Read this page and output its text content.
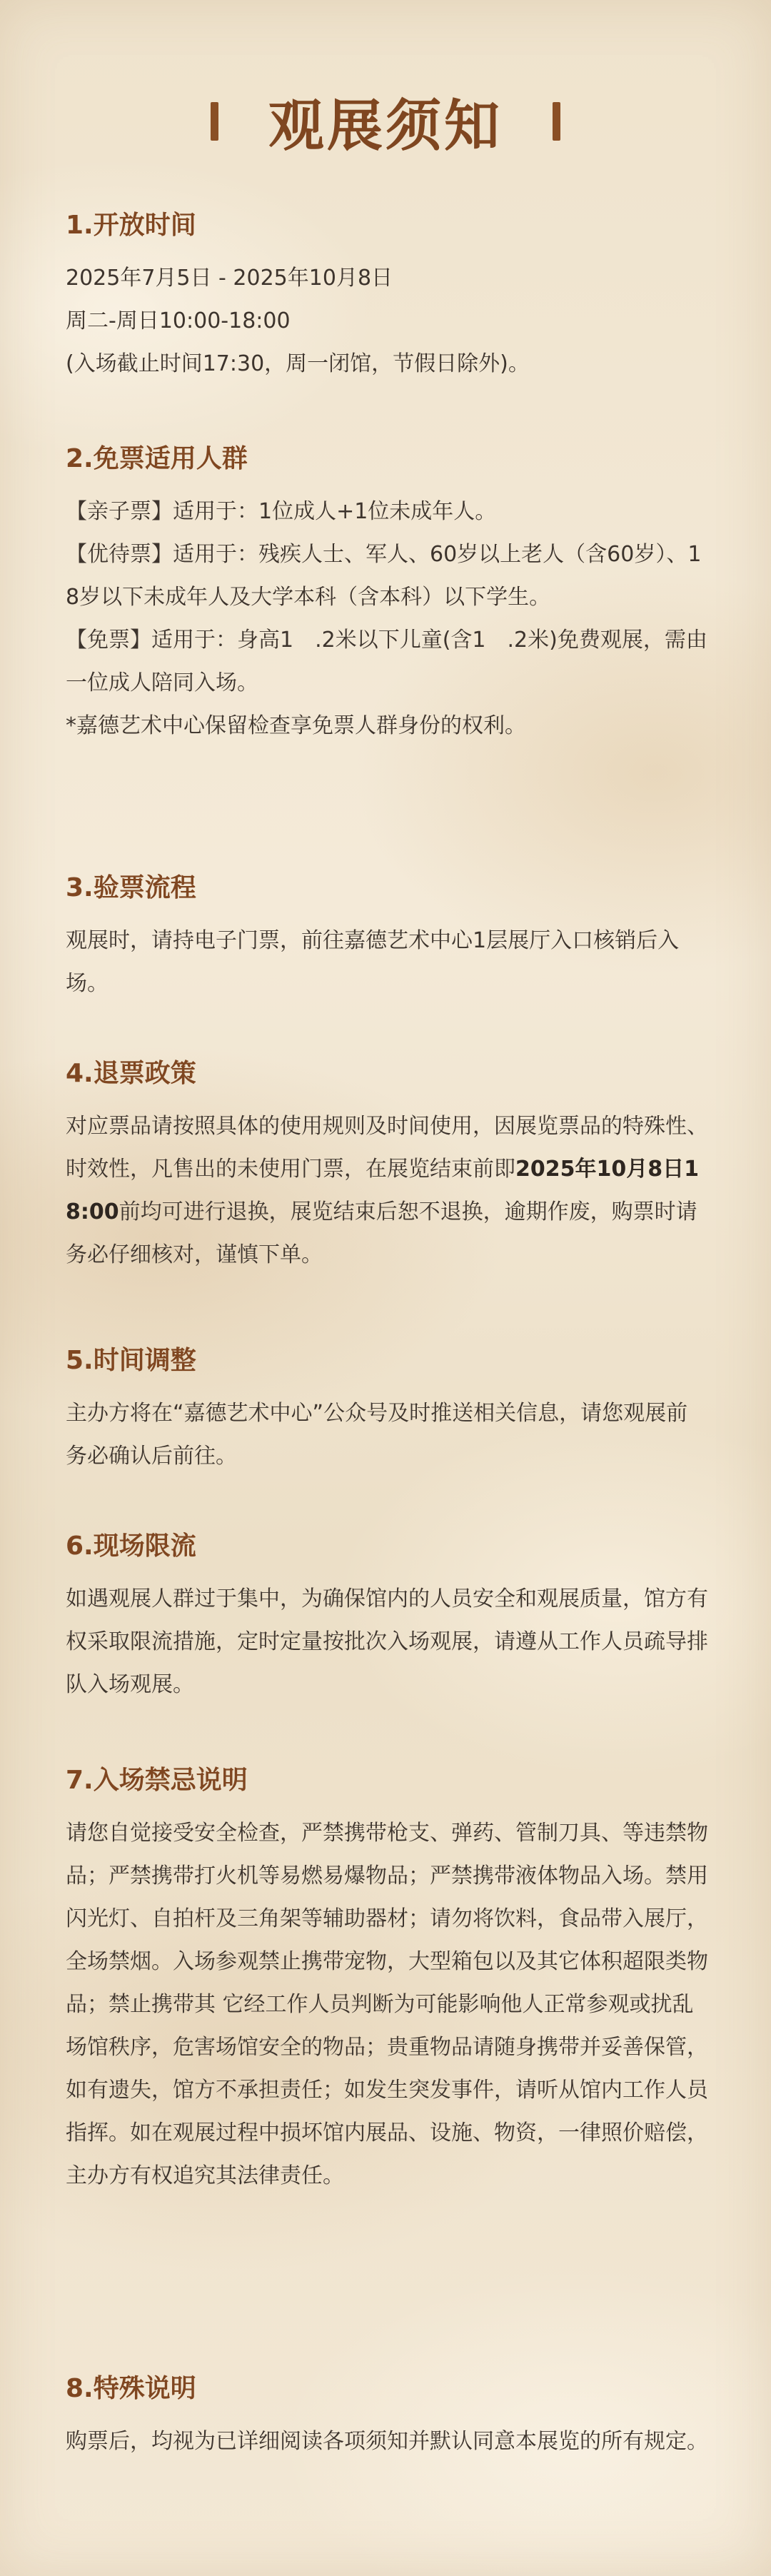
观展须知
1.开放时间

2025年7月5日 - 2025年10月8日

周二-周日10:00-18:00

(入场截止时间17:30，周一闭馆，节假日除外)。

2.免票适用人群

【亲子票】适用于：1位成人+1位未成年人。

【优待票】适用于：残疾人士、军人、60岁以上老人（含60岁）、18岁以下未成年人及大学本科（含本科）以下学生。

【免票】适用于：身高1　.2米以下儿童(含1　.2米)免费观展，需由一位成人陪同入场。

*嘉德艺术中心保留检查享免票人群身份的权利。

3.验票流程

观展时，请持电子门票，前往嘉德艺术中心1层展厅入口核销后入场。

4.退票政策

对应票品请按照具体的使用规则及时间使用，因展览票品的特殊性、时效性，凡售出的未使用门票，在展览结束前即2025年10月8日18:00前均可进行退换，展览结束后恕不退换，逾期作废，购票时请务必仔细核对，谨慎下单。

5.时间调整

主办方将在“嘉德艺术中心”公众号及时推送相关信息，请您观展前务必确认后前往。

6.现场限流

如遇观展人群过于集中，为确保馆内的人员安全和观展质量，馆方有权采取限流措施，定时定量按批次入场观展，请遵从工作人员疏导排队入场观展。

7.入场禁忌说明

请您自觉接受安全检查，严禁携带枪支、弹药、管制刀具、等违禁物品；严禁携带打火机等易燃易爆物品；严禁携带液体物品入场。禁用闪光灯、自拍杆及三角架等辅助器材；请勿将饮料，食品带入展厅，全场禁烟。入场参观禁止携带宠物，大型箱包以及其它体积超限类物品；禁止携带其 它经工作人员判断为可能影响他人正常参观或扰乱场馆秩序，危害场馆安全的物品；贵重物品请随身携带并妥善保管，如有遗失，馆方不承担责任；如发生突发事件，请听从馆内工作人员指挥。如在观展过程中损坏馆内展品、设施、物资，一律照价赔偿，主办方有权追究其法律责任。

8.特殊说明

购票后，均视为已详细阅读各项须知并默认同意本展览的所有规定。
